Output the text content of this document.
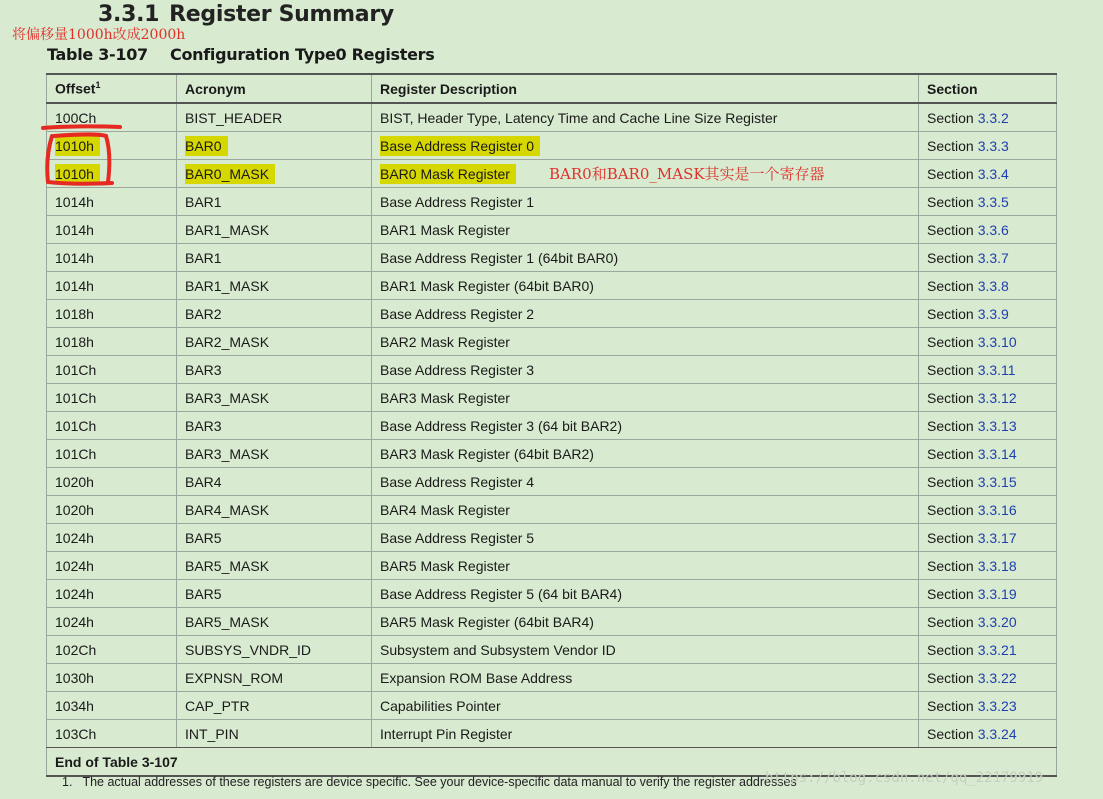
3.3.1 Register Summary
将偏移量1000h改成2000h
Table 3-107 Configuration Type0 Registers
Offset$^1$	Acronym	Register Description	Section
100Ch	BIST_HEADER	BIST, Header Type, Latency Time and Cache Line Size Register	Section 3.3.2
1010h	BAR0	Base Address Register 0	Section 3.3.3
1010h	BAR0_MASK	BAR0 Mask Register	Section 3.3.4
1014h	BAR1	Base Address Register 1	Section 3.3.5
1014h	BAR1_MASK	BAR1 Mask Register	Section 3.3.6
1014h	BAR1	Base Address Register 1 (64bit BAR0)	Section 3.3.7
1014h	BAR1_MASK	BAR1 Mask Register (64bit BAR0)	Section 3.3.8
1018h	BAR2	Base Address Register 2	Section 3.3.9
1018h	BAR2_MASK	BAR2 Mask Register	Section 3.3.10
101Ch	BAR3	Base Address Register 3	Section 3.3.11
101Ch	BAR3_MASK	BAR3 Mask Register	Section 3.3.12
101Ch	BAR3	Base Address Register 3 (64 bit BAR2)	Section 3.3.13
101Ch	BAR3_MASK	BAR3 Mask Register (64bit BAR2)	Section 3.3.14
1020h	BAR4	Base Address Register 4	Section 3.3.15
1020h	BAR4_MASK	BAR4 Mask Register	Section 3.3.16
1024h	BAR5	Base Address Register 5	Section 3.3.17
1024h	BAR5_MASK	BAR5 Mask Register	Section 3.3.18
1024h	BAR5	Base Address Register 5 (64 bit BAR4)	Section 3.3.19
1024h	BAR5_MASK	BAR5 Mask Register (64bit BAR4)	Section 3.3.20
102Ch	SUBSYS_VNDR_ID	Subsystem and Subsystem Vendor ID	Section 3.3.21
1030h	EXPNSN_ROM	Expansion ROM Base Address	Section 3.3.22
1034h	CAP_PTR	Capabilities Pointer	Section 3.3.23
103Ch	INT_PIN	Interrupt Pin Register	Section 3.3.24
End of Table 3-107			
BAR0和BAR0_MASK其实是一个寄存器
1. The actual addresses of these registers are device specific. See your device-specific data manual to verify the register addresses
https://blog.csdn.net/qq_22179919
